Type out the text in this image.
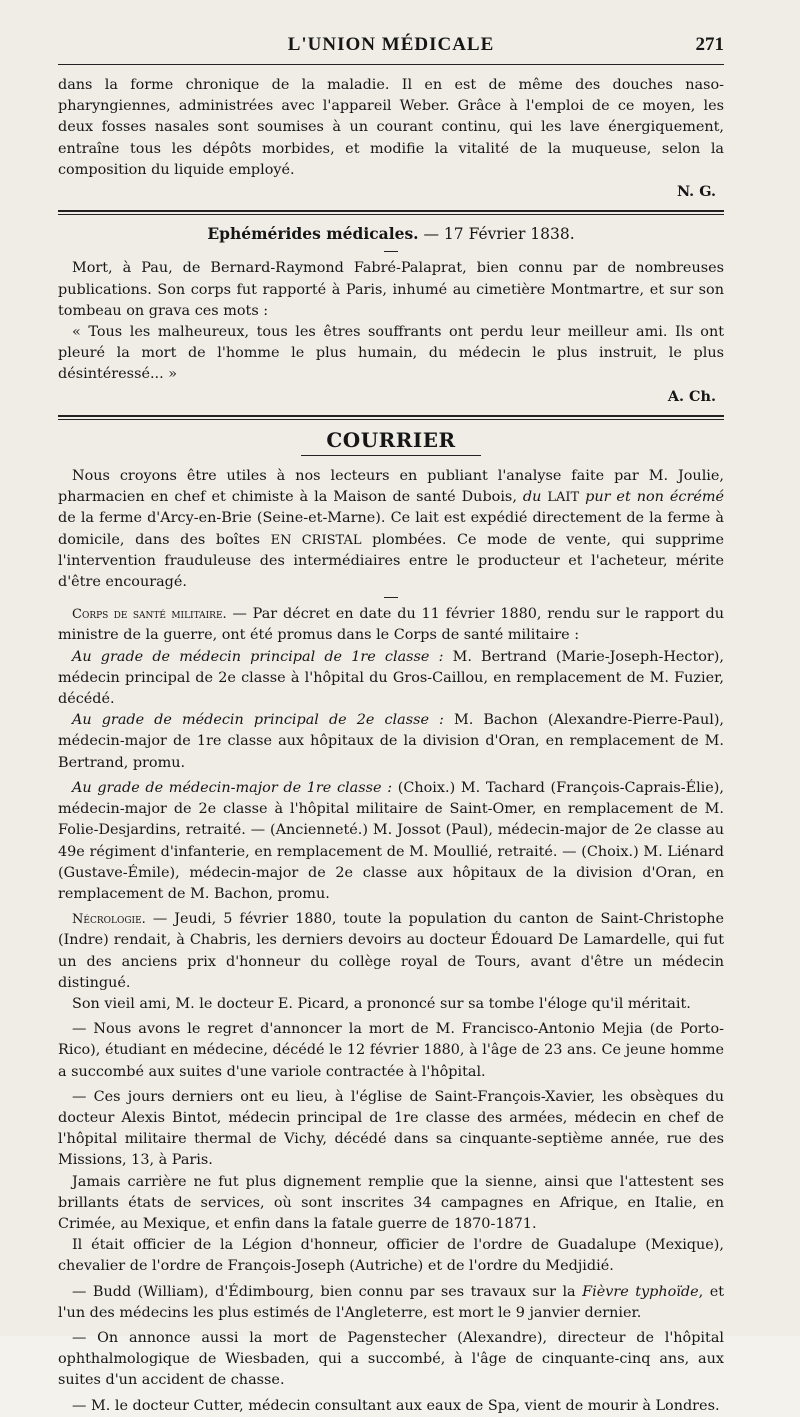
L'UNION MÉDICALE	271

dans la forme chronique de la maladie. Il en est de même des douches naso-pharyngiennes, administrées avec l'appareil Weber. Grâce à l'emploi de ce moyen, les deux fosses nasales sont soumises à un courant continu, qui les lave énergiquement, entraîne tous les dépôts morbides, et modifie la vitalité de la muqueuse, selon la composition du liquide employé.

N. G.
Ephémérides médicales. — 17 Février 1838.

Mort, à Pau, de Bernard-Raymond Fabré-Palaprat, bien connu par de nombreuses publications. Son corps fut rapporté à Paris, inhumé au cimetière Montmartre, et sur son tombeau on grava ces mots :

« Tous les malheureux, tous les êtres souffrants ont perdu leur meilleur ami. Ils ont pleuré la mort de l'homme le plus humain, du médecin le plus instruit, le plus désintéressé... »

A. Ch.
COURRIER

Nous croyons être utiles à nos lecteurs en publiant l'analyse faite par M. Joulie, pharmacien en chef et chimiste à la Maison de santé Dubois, du LAIT pur et non écrémé de la ferme d'Arcy-en-Brie (Seine-et-Marne). Ce lait est expédié directement de la ferme à domicile, dans des boîtes EN CRISTAL plombées. Ce mode de vente, qui supprime l'intervention frauduleuse des intermédiaires entre le producteur et l'acheteur, mérite d'être encouragé.

Corps de santé militaire. — Par décret en date du 11 février 1880, rendu sur le rapport du ministre de la guerre, ont été promus dans le Corps de santé militaire :

Au grade de médecin principal de 1re classe : M. Bertrand (Marie-Joseph-Hector), médecin principal de 2e classe à l'hôpital du Gros-Caillou, en remplacement de M. Fuzier, décédé.

Au grade de médecin principal de 2e classe : M. Bachon (Alexandre-Pierre-Paul), médecin-major de 1re classe aux hôpitaux de la division d'Oran, en remplacement de M. Bertrand, promu.

Au grade de médecin-major de 1re classe : (Choix.) M. Tachard (François-Caprais-Élie), médecin-major de 2e classe à l'hôpital militaire de Saint-Omer, en remplacement de M. Folie-Desjardins, retraité. — (Ancienneté.) M. Jossot (Paul), médecin-major de 2e classe au 49e régiment d'infanterie, en remplacement de M. Moullié, retraité. — (Choix.) M. Liénard (Gustave-Émile), médecin-major de 2e classe aux hôpitaux de la division d'Oran, en remplacement de M. Bachon, promu.

Nécrologie. — Jeudi, 5 février 1880, toute la population du canton de Saint-Christophe (Indre) rendait, à Chabris, les derniers devoirs au docteur Édouard De Lamardelle, qui fut un des anciens prix d'honneur du collège royal de Tours, avant d'être un médecin distingué.

Son vieil ami, M. le docteur E. Picard, a prononcé sur sa tombe l'éloge qu'il méritait.

— Nous avons le regret d'annoncer la mort de M. Francisco-Antonio Mejia (de Porto-Rico), étudiant en médecine, décédé le 12 février 1880, à l'âge de 23 ans. Ce jeune homme a succombé aux suites d'une variole contractée à l'hôpital.

— Ces jours derniers ont eu lieu, à l'église de Saint-François-Xavier, les obsèques du docteur Alexis Bintot, médecin principal de 1re classe des armées, médecin en chef de l'hôpital militaire thermal de Vichy, décédé dans sa cinquante-septième année, rue des Missions, 13, à Paris.

Jamais carrière ne fut plus dignement remplie que la sienne, ainsi que l'attestent ses brillants états de services, où sont inscrites 34 campagnes en Afrique, en Italie, en Crimée, au Mexique, et enfin dans la fatale guerre de 1870-1871.

Il était officier de la Légion d'honneur, officier de l'ordre de Guadalupe (Mexique), chevalier de l'ordre de François-Joseph (Autriche) et de l'ordre du Medjidié.

— Budd (William), d'Édimbourg, bien connu par ses travaux sur la Fièvre typhoïde, et l'un des médecins les plus estimés de l'Angleterre, est mort le 9 janvier dernier.

— On annonce aussi la mort de Pagenstecher (Alexandre), directeur de l'hôpital ophthalmologique de Wiesbaden, qui a succombé, à l'âge de cinquante-cinq ans, aux suites d'un accident de chasse.

— M. le docteur Cutter, médecin consultant aux eaux de Spa, vient de mourir à Londres.
